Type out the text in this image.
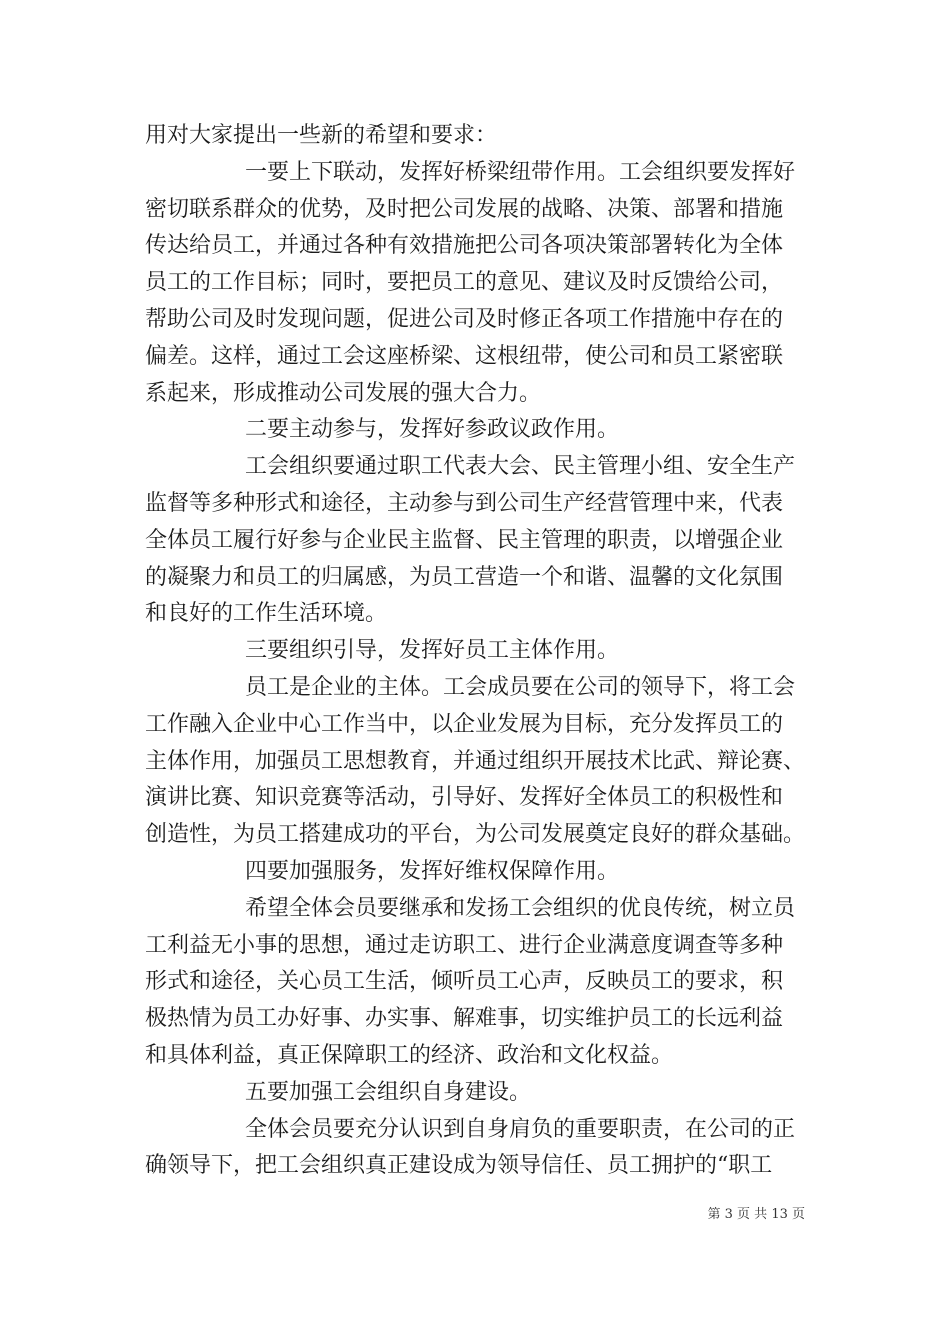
用对大家提出一些新的希望和要求：
一要上下联动，发挥好桥梁纽带作用。工会组织要发挥好
密切联系群众的优势，及时把公司发展的战略、决策、部署和措施
传达给员工，并通过各种有效措施把公司各项决策部署转化为全体
员工的工作目标；同时，要把员工的意见、建议及时反馈给公司，
帮助公司及时发现问题，促进公司及时修正各项工作措施中存在的
偏差。这样，通过工会这座桥梁、这根纽带，使公司和员工紧密联
系起来，形成推动公司发展的强大合力。
二要主动参与，发挥好参政议政作用。
工会组织要通过职工代表大会、民主管理小组、安全生产
监督等多种形式和途径，主动参与到公司生产经营管理中来，代表
全体员工履行好参与企业民主监督、民主管理的职责，以增强企业
的凝聚力和员工的归属感，为员工营造一个和谐、温馨的文化氛围
和良好的工作生活环境。
三要组织引导，发挥好员工主体作用。
员工是企业的主体。工会成员要在公司的领导下，将工会
工作融入企业中心工作当中，以企业发展为目标，充分发挥员工的
主体作用，加强员工思想教育，并通过组织开展技术比武、辩论赛、
演讲比赛、知识竞赛等活动，引导好、发挥好全体员工的积极性和
创造性，为员工搭建成功的平台，为公司发展奠定良好的群众基础。
四要加强服务，发挥好维权保障作用。
希望全体会员要继承和发扬工会组织的优良传统，树立员
工利益无小事的思想，通过走访职工、进行企业满意度调查等多种
形式和途径，关心员工生活，倾听员工心声，反映员工的要求，积
极热情为员工办好事、办实事、解难事，切实维护员工的长远利益
和具体利益，真正保障职工的经济、政治和文化权益。
五要加强工会组织自身建设。
全体会员要充分认识到自身肩负的重要职责，在公司的正
确领导下，把工会组织真正建设成为领导信任、员工拥护的“职工
第 3 页 共 13 页
